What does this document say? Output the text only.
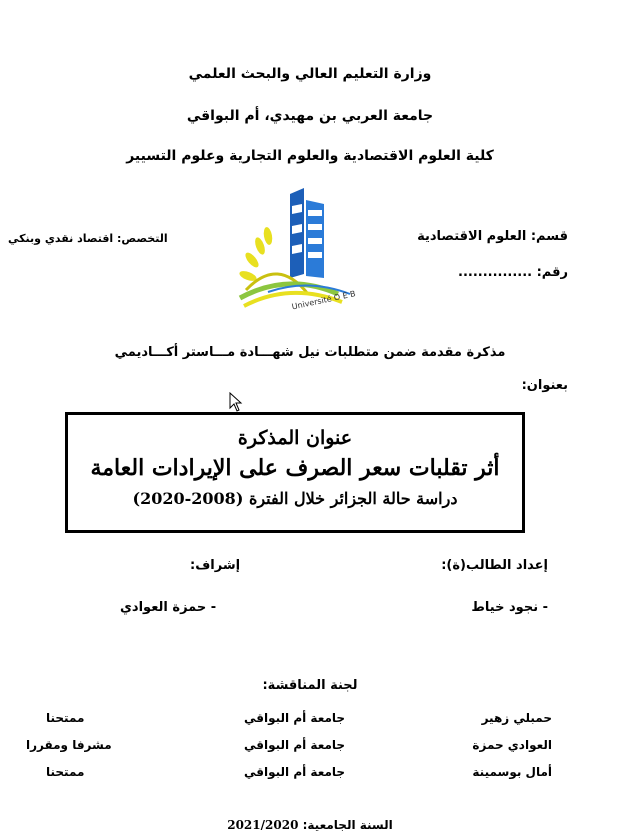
وزارة التعليم العالي والبحث العلمي
جامعة العربي بن مهيدي، أم البواقي
كلية العلوم الاقتصادية والعلوم التجارية وعلوم التسيير
قسم: العلوم الاقتصادية
التخصص: اقتصاد نقدي وبنكي
رقم: ...............
Université O E B
مذكرة مقدمة ضمن متطلبات نيل شهـــادة مـــاستر أكـــاديمي
بعنوان:
عنوان المذكرة
أثر تقلبات سعر الصرف على الإيرادات العامة
دراسة حالة الجزائر خلال الفترة (2008-2020)
إعداد الطالب(ة):
إشراف:
- نجود خياط
- حمزة العوادي
لجنة المناقشة:
حمبلي زهير
جامعة أم البواقي
ممتحنا
العوادي حمزة
جامعة أم البواقي
مشرفا ومقررا
أمال بوسمينة
جامعة أم البواقي
ممتحنا
السنة الجامعية: 2021/2020
